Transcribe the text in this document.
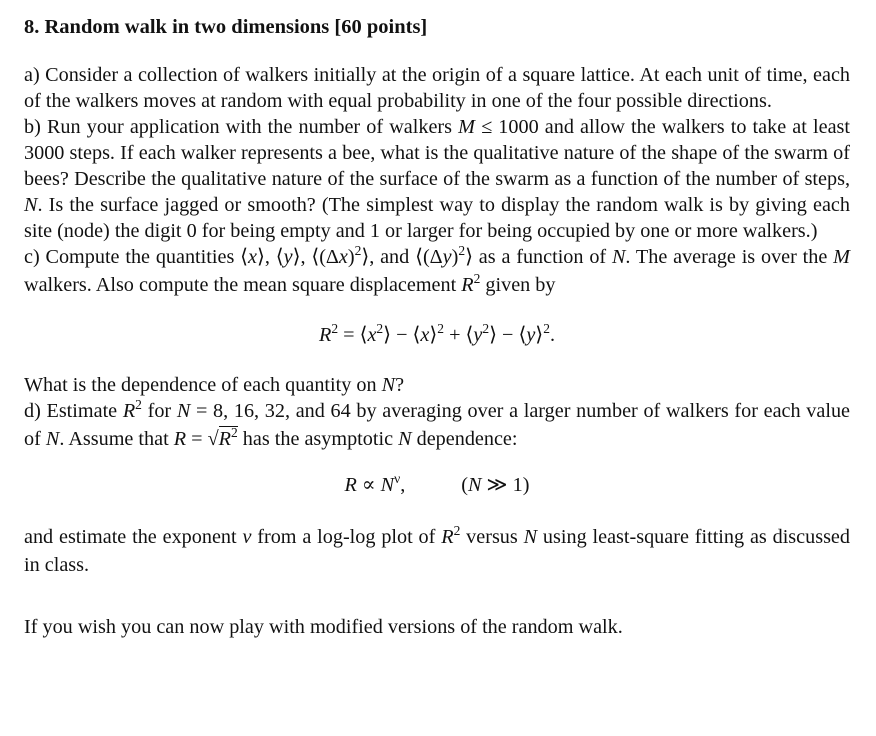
8. Random walk in two dimensions [60 points]

a) Consider a collection of walkers initially at the origin of a square lattice. At each unit of time, each of the walkers moves at random with equal probability in one of the four possible directions.

b) Run your application with the number of walkers M ≤ 1000 and allow the walkers to take at least 3000 steps. If each walker represents a bee, what is the qualitative nature of the shape of the swarm of bees? Describe the qualitative nature of the surface of the swarm as a function of the number of steps, N. Is the surface jagged or smooth? (The simplest way to display the random walk is by giving each site (node) the digit 0 for being empty and 1 or larger for being occupied by one or more walkers.)

c) Compute the quantities ⟨x⟩, ⟨y⟩, $⟨(\Delta x)^2⟩$, and $⟨(\Delta y)^2⟩$ as a function of N. The average is over the M walkers. Also compute the mean square displacement $R^2$ given by

$R^2$ = $⟨x^2⟩$ − ⟨x⟩$^2$ + $⟨y^2⟩$ − ⟨y⟩$^2$.

What is the dependence of each quantity on N?

d) Estimate $R^2$ for N = 8, 16, 32, and 64 by averaging over a larger number of walkers for each value of N. Assume that $R = √R^2$ has the asymptotic N dependence:

$R \propto N^\nu$,	(N ≫ 1)

and estimate the exponent ν from a log-log plot of $R^2$ versus N using least-square fitting as discussed in class.

If you wish you can now play with modified versions of the random walk.
